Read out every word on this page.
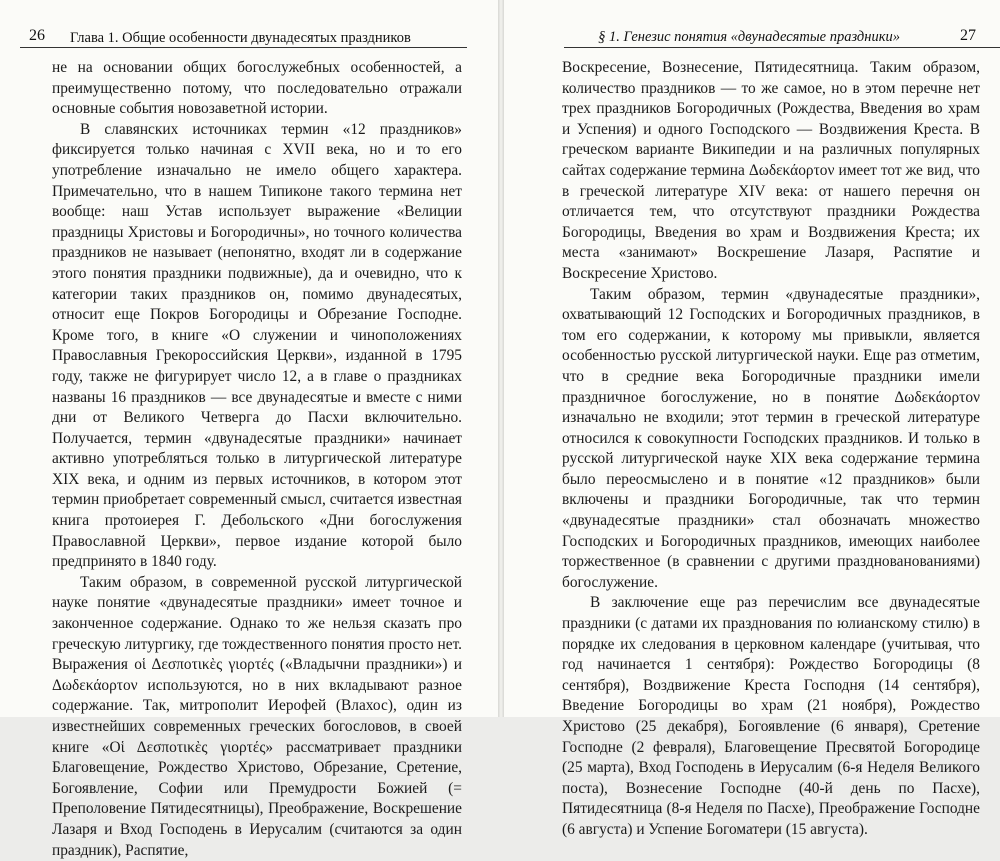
26 Глава 1. Общие особенности двунадесятых праздников

не на основании общих богослужебных особенностей, а преимущественно потому, что последовательно отражали основные события новозаветной истории.

В славянских источниках термин «12 праздников» фиксируется только начиная с XVII века, но и то его употребление изначально не имело общего характера. Примечательно, что в нашем Типиконе такого термина нет вообще: наш Устав использует выражение «Велиции праздницы Христовы и Богородичны», но точного количества праздников не называет (непонятно, входят ли в содержание этого понятия праздники подвижные), да и очевидно, что к категории таких праздников он, помимо двунадесятых, относит еще Покров Богородицы и Обрезание Господне. Кроме того, в книге «О служении и чиноположениях Православныя Грекороссийския Церкви», изданной в 1795 году, также не фигурирует число 12, а в главе о праздниках названы 16 праздников — все двунадесятые и вместе с ними дни от Великого Четверга до Пасхи включительно. Получается, термин «двунадесятые праздники» начинает активно употребляться только в литургической литературе XIX века, и одним из первых источников, в котором этот термин приобретает современный смысл, считается известная книга протоиерея Г. Дебольского «Дни богослужения Православной Церкви», первое издание которой было предпринято в 1840 году.

Таким образом, в современной русской литургической науке понятие «двунадесятые праздники» имеет точное и законченное содержание. Однако то же нельзя сказать про греческую литургику, где тождественного понятия просто нет. Выражения οἱ Δεσποτικὲς γιορτές («Владычни праздники») и Δωδεκάορτον используются, но в них вкладывают разное содержание. Так, митрополит Иерофей (Влахос), один из известнейших современных греческих богословов, в своей книге «Οἱ Δεσποτικὲς γιορτές» рассматривает праздники Благовещение, Рождество Христово, Обрезание, Сретение, Богоявление, Софии или Премудрости Божией (= Преполовение Пятидесятницы), Преображение, Воскрешение Лазаря и Вход Господень в Иерусалим (считаются за один праздник), Распятие,

§ 1. Генезис понятия «двунадесятые праздники»	27

Воскресение, Вознесение, Пятидесятница. Таким образом, количество праздников — то же самое, но в этом перечне нет трех праздников Богородичных (Рождества, Введения во храм и Успения) и одного Господского — Воздвижения Креста. В греческом варианте Википедии и на различных популярных сайтах содержание термина Δωδεκάορτον имеет тот же вид, что в греческой литературе XIV века: от нашего перечня он отличается тем, что отсутствуют праздники Рождества Богородицы, Введения во храм и Воздвижения Креста; их места «занимают» Воскрешение Лазаря, Распятие и Воскресение Христово.

Таким образом, термин «двунадесятые праздники», охватывающий 12 Господских и Богородичных праздников, в том его содержании, к которому мы привыкли, является особенностью русской литургической науки. Еще раз отметим, что в средние века Богородичные праздники имели праздничное богослужение, но в понятие Δωδεκάορτον изначально не входили; этот термин в греческой литературе относился к совокупности Господских праздников. И только в русской литургической науке XIX века содержание термина было переосмыслено и в понятие «12 праздников» были включены и праздники Богородичные, так что термин «двунадесятые праздники» стал обозначать множество Господских и Богородичных праздников, имеющих наиболее торжественное (в сравнении с другими празднованованиями) богослужение.

В заключение еще раз перечислим все двунадесятые праздники (с датами их празднования по юлианскому стилю) в порядке их следования в церковном календаре (учитывая, что год начинается 1 сентября): Рождество Богородицы (8 сентября), Воздвижение Креста Господня (14 сентября), Введение Богородицы во храм (21 ноября), Рождество Христово (25 декабря), Богоявление (6 января), Сретение Господне (2 февраля), Благовещение Пресвятой Богородице (25 марта), Вход Господень в Иерусалим (6-я Неделя Великого поста), Вознесение Господне (40-й день по Пасхе), Пятидесятница (8-я Неделя по Пасхе), Преображение Господне (6 августа) и Успение Богоматери (15 августа).
